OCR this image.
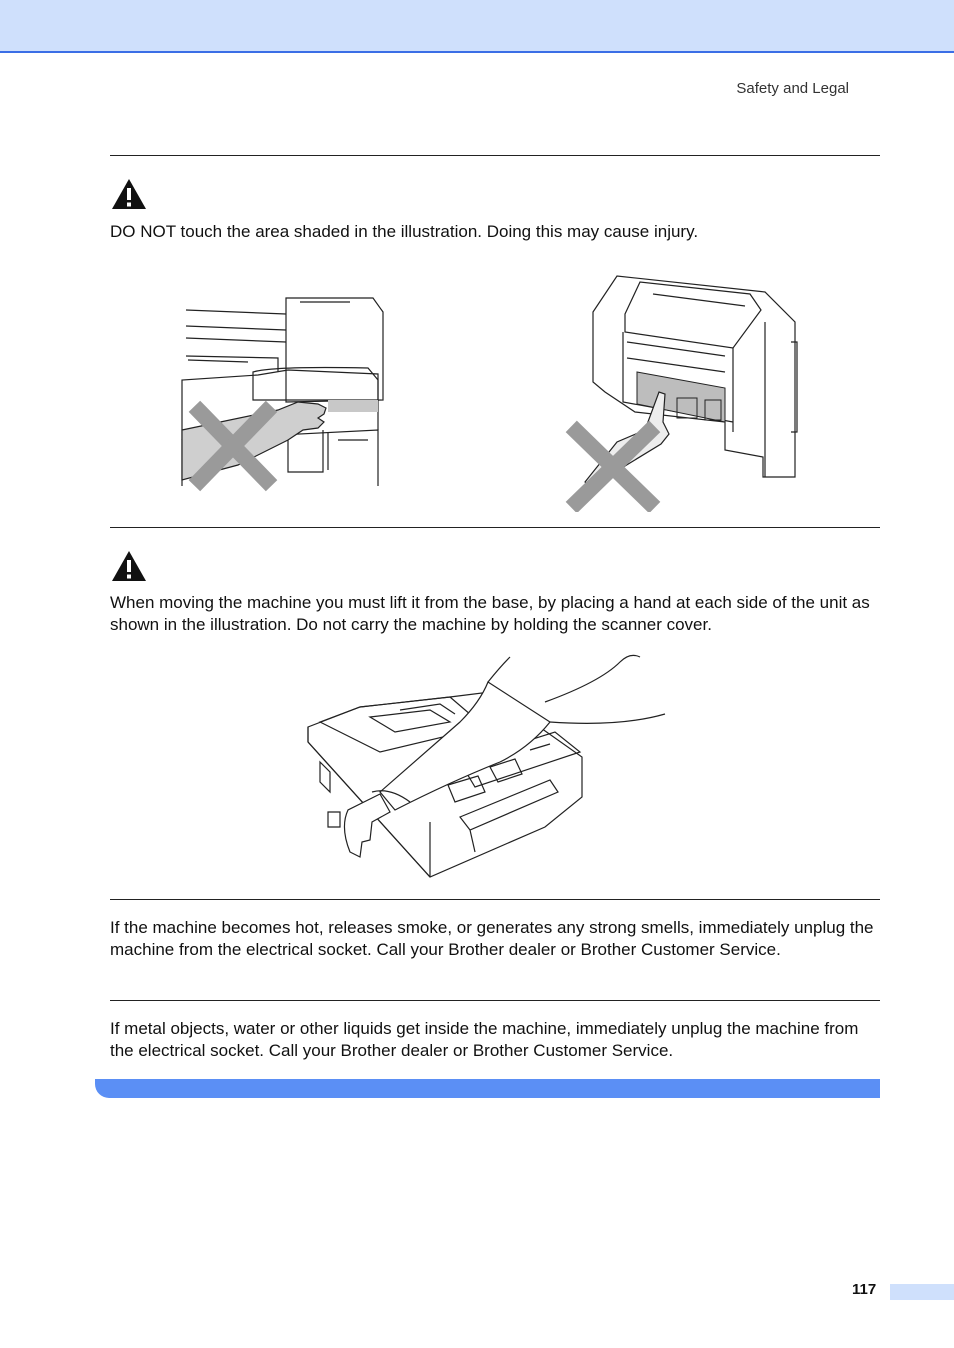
Safety and Legal
DO NOT touch the area shaded in the illustration. Doing this may cause injury.
When moving the machine you must lift it from the base, by placing a hand at each side of the unit as shown in the illustration. Do not carry the machine by holding the scanner cover.
If the machine becomes hot, releases smoke, or generates any strong smells, immediately unplug the machine from the electrical socket. Call your Brother dealer or Brother Customer Service.
If metal objects, water or other liquids get inside the machine, immediately unplug the machine from the electrical socket. Call your Brother dealer or Brother Customer Service.
117
